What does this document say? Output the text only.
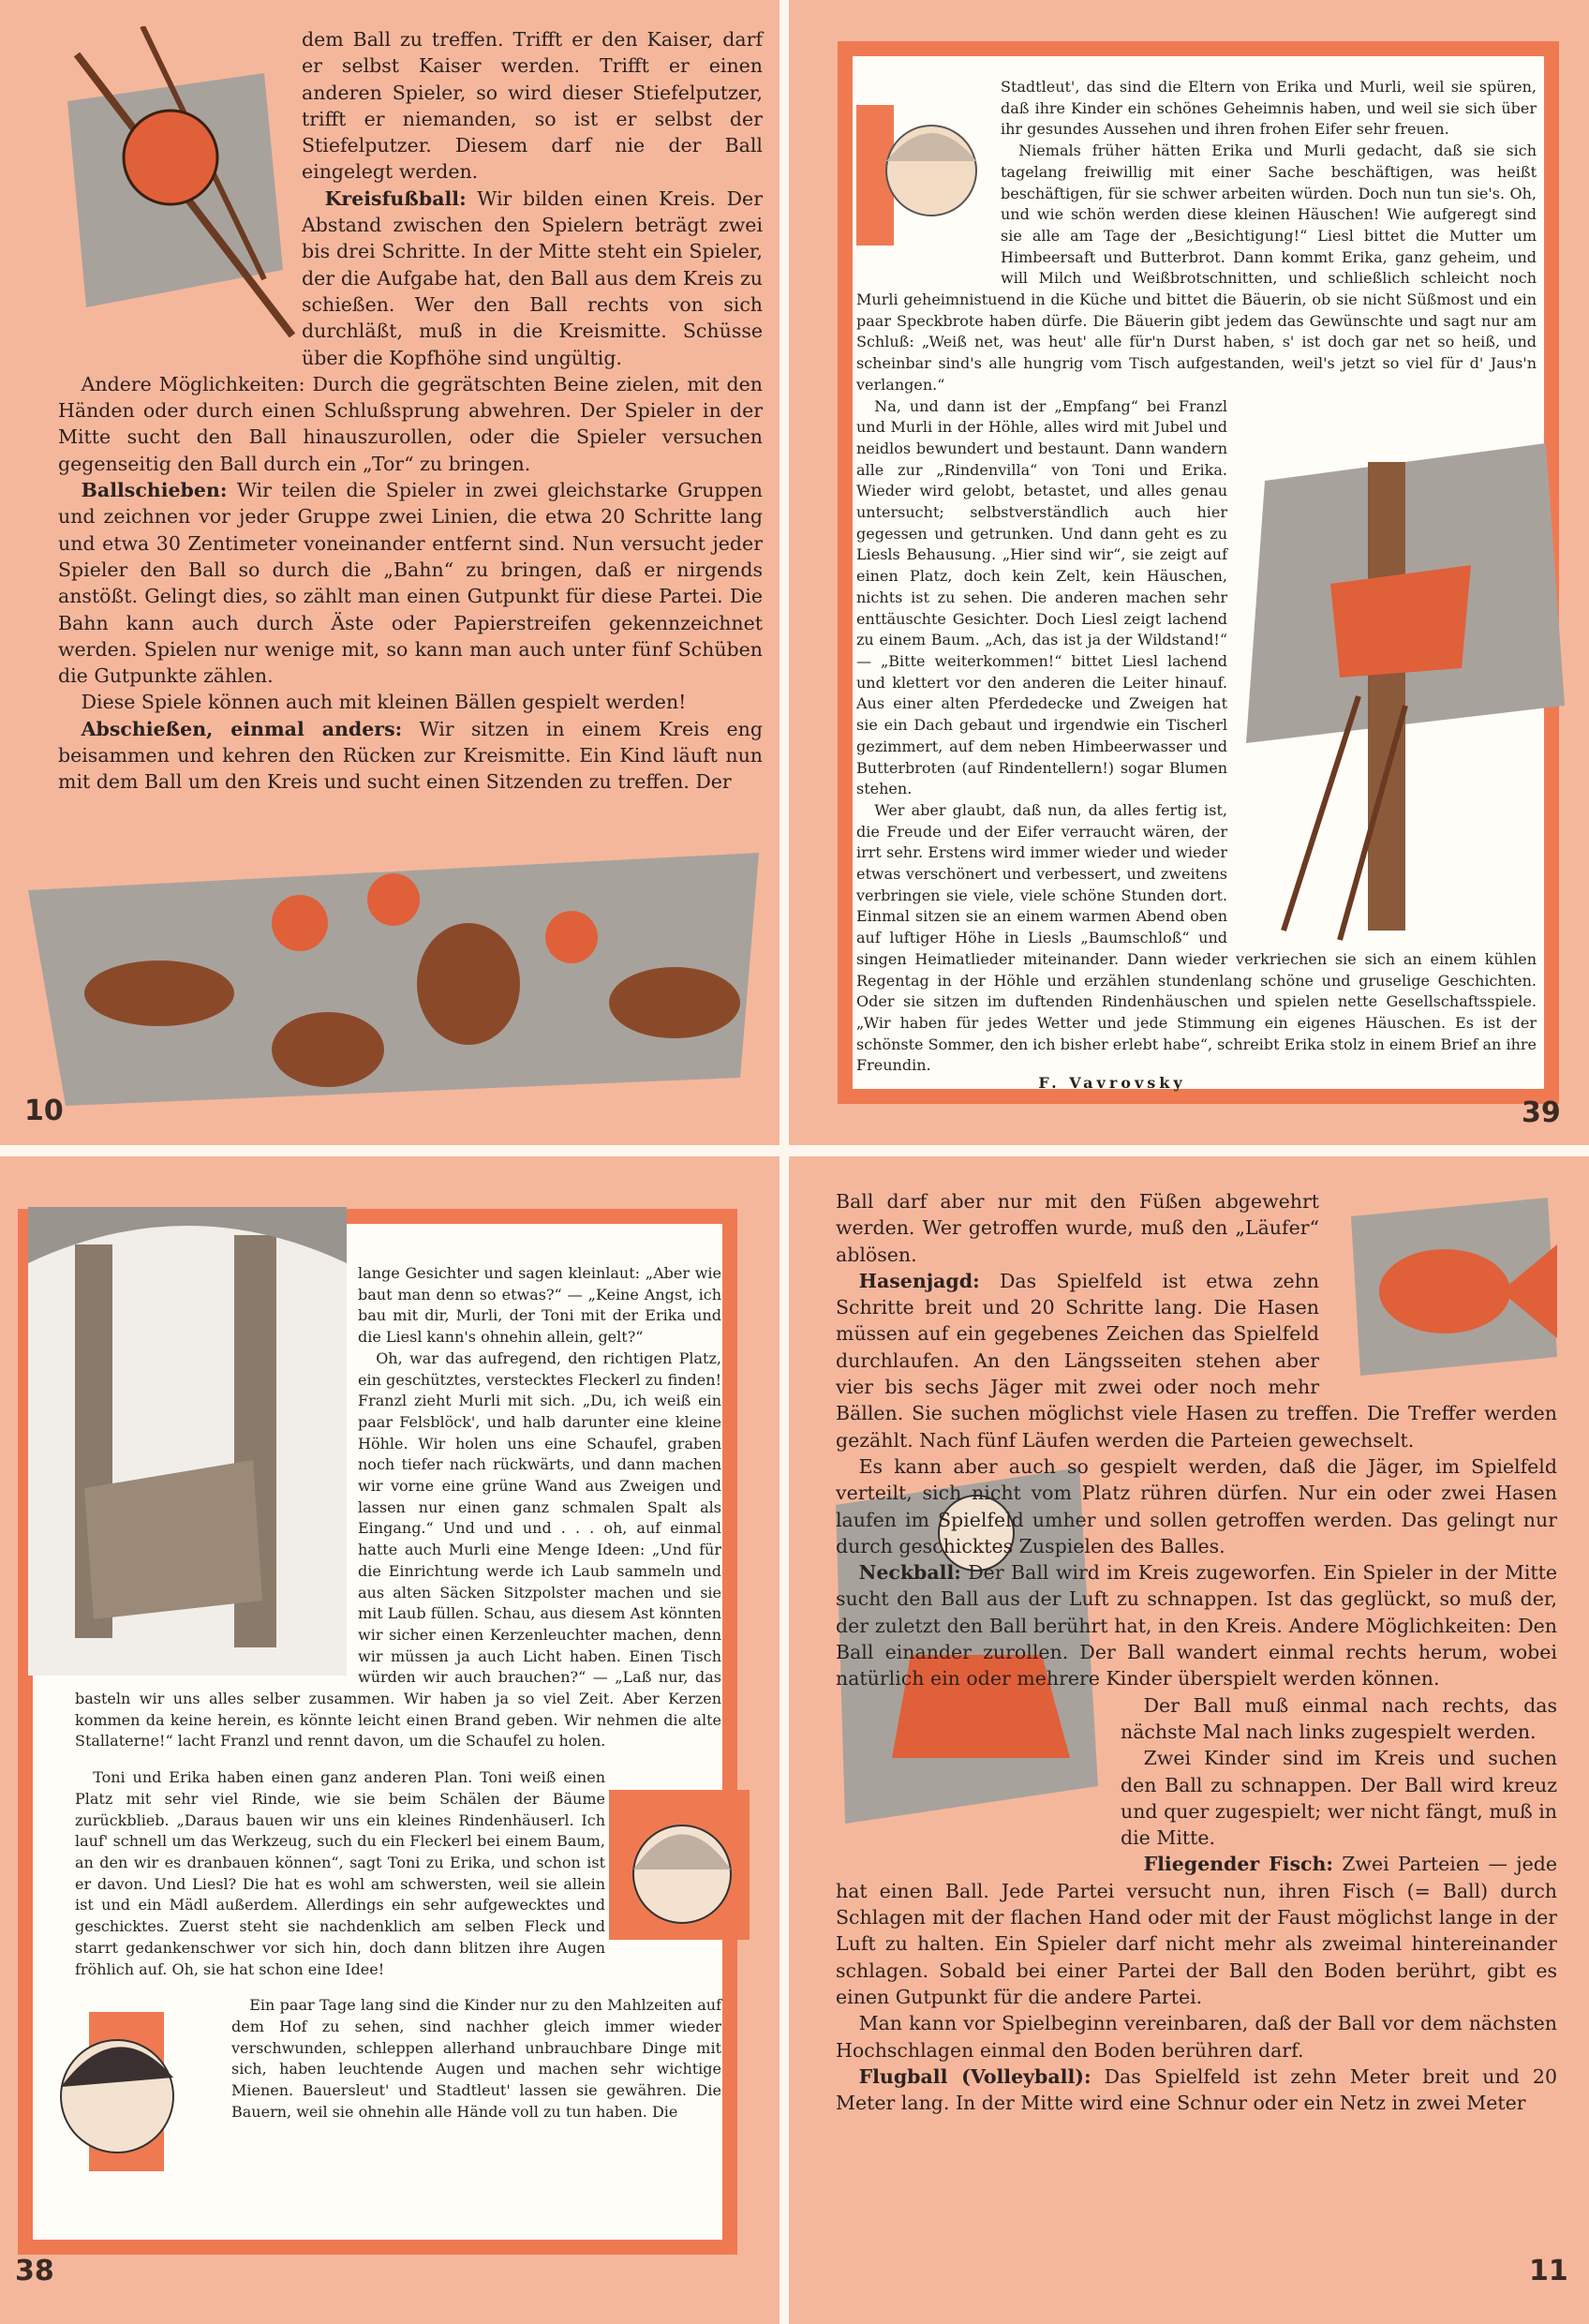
dem Ball zu treffen. Trifft er den Kaiser, darf er selbst Kaiser werden. Trifft er einen anderen Spieler, so wird dieser Stiefelputzer, trifft er niemanden, so ist er selbst der Stiefelputzer. Diesem darf nie der Ball eingelegt werden.

Kreisfußball: Wir bilden einen Kreis. Der Abstand zwischen den Spielern beträgt zwei bis drei Schritte. In der Mitte steht ein Spieler, der die Aufgabe hat, den Ball aus dem Kreis zu schießen. Wer den Ball rechts von sich durchläßt, muß in die Kreismitte. Schüsse über die Kopfhöhe sind ungültig.

Andere Möglichkeiten: Durch die gegrätschten Beine zielen, mit den Händen oder durch einen Schlußsprung abwehren. Der Spieler in der Mitte sucht den Ball hinauszurollen, oder die Spieler versuchen gegenseitig den Ball durch ein „Tor“ zu bringen.

Ballschieben: Wir teilen die Spieler in zwei gleichstarke Gruppen und zeichnen vor jeder Gruppe zwei Linien, die etwa 20 Schritte lang und etwa 30 Zentimeter voneinander entfernt sind. Nun versucht jeder Spieler den Ball so durch die „Bahn“ zu bringen, daß er nirgends anstößt. Gelingt dies, so zählt man einen Gutpunkt für diese Partei. Die Bahn kann auch durch Äste oder Papierstreifen gekennzeichnet werden. Spielen nur wenige mit, so kann man auch unter fünf Schüben die Gutpunkte zählen.

Diese Spiele können auch mit kleinen Bällen gespielt werden!

Abschießen, einmal anders: Wir sitzen in einem Kreis eng beisammen und kehren den Rücken zur Kreismitte. Ein Kind läuft nun mit dem Ball um den Kreis und sucht einen Sitzenden zu treffen. Der

10

Stadtleut', das sind die Eltern von Erika und Murli, weil sie spüren, daß ihre Kinder ein schönes Geheimnis haben, und weil sie sich über ihr gesundes Aussehen und ihren frohen Eifer sehr freuen.

Niemals früher hätten Erika und Murli gedacht, daß sie sich tagelang freiwillig mit einer Sache beschäftigen, was heißt beschäftigen, für sie schwer arbeiten würden. Doch nun tun sie's. Oh, und wie schön werden diese kleinen Häuschen! Wie aufgeregt sind sie alle am Tage der „Besichtigung!“ Liesl bittet die Mutter um Himbeersaft und Butterbrot. Dann kommt Erika, ganz geheim, und will Milch und Weißbrotschnitten, und schließlich schleicht noch Murli geheimnistuend in die Küche und bittet die Bäuerin, ob sie nicht Süßmost und ein paar Speckbrote haben dürfe. Die Bäuerin gibt jedem das Gewünschte und sagt nur am Schluß: „Weiß net, was heut' alle für'n Durst haben, s' ist doch gar net so heiß, und scheinbar sind's alle hungrig vom Tisch aufgestanden, weil's jetzt so viel für d' Jaus'n verlangen.“

Na, und dann ist der „Empfang“ bei Franzl und Murli in der Höhle, alles wird mit Jubel und neidlos bewundert und bestaunt. Dann wandern alle zur „Rindenvilla“ von Toni und Erika. Wieder wird gelobt, betastet, und alles genau untersucht; selbstverständlich auch hier gegessen und getrunken. Und dann geht es zu Liesls Behausung. „Hier sind wir“, sie zeigt auf einen Platz, doch kein Zelt, kein Häuschen, nichts ist zu sehen. Die anderen machen sehr enttäuschte Gesichter. Doch Liesl zeigt lachend zu einem Baum. „Ach, das ist ja der Wildstand!“ — „Bitte weiterkommen!“ bittet Liesl lachend und klettert vor den anderen die Leiter hinauf. Aus einer alten Pferdedecke und Zweigen hat sie ein Dach gebaut und irgendwie ein Tischerl gezimmert, auf dem neben Himbeerwasser und Butterbroten (auf Rindentellern!) sogar Blumen stehen.

Wer aber glaubt, daß nun, da alles fertig ist, die Freude und der Eifer verraucht wären, der irrt sehr. Erstens wird immer wieder und wieder etwas verschönert und verbessert, und zweitens verbringen sie viele, viele schöne Stunden dort. Einmal sitzen sie an einem warmen Abend oben auf luftiger Höhe in Liesls „Baumschloß“ und singen Heimatlieder miteinander. Dann wieder verkriechen sie sich an einem kühlen Regentag in der Höhle und erzählen stundenlang schöne und gruselige Geschichten. Oder sie sitzen im duftenden Rindenhäuschen und spielen nette Gesellschaftsspiele. „Wir haben für jedes Wetter und jede Stimmung ein eigenes Häuschen. Es ist der schönste Sommer, den ich bisher erlebt habe“, schreibt Erika stolz in einem Brief an ihre Freundin.

F. Vavrovsky
39

lange Gesichter und sagen kleinlaut: „Aber wie baut man denn so etwas?“ — „Keine Angst, ich bau mit dir, Murli, der Toni mit der Erika und die Liesl kann's ohnehin allein, gelt?“

Oh, war das aufregend, den richtigen Platz, ein geschütztes, verstecktes Fleckerl zu finden! Franzl zieht Murli mit sich. „Du, ich weiß ein paar Felsblöck', und halb darunter eine kleine Höhle. Wir holen uns eine Schaufel, graben noch tiefer nach rückwärts, und dann machen wir vorne eine grüne Wand aus Zweigen und lassen nur einen ganz schmalen Spalt als Eingang.“ Und und und . . . oh, auf einmal hatte auch Murli eine Menge Ideen: „Und für die Einrichtung werde ich Laub sammeln und aus alten Säcken Sitzpolster machen und sie mit Laub füllen. Schau, aus diesem Ast könnten wir sicher einen Kerzenleuchter machen, denn wir müssen ja auch Licht haben. Einen Tisch würden wir auch brauchen?“ — „Laß nur, das basteln wir uns alles selber zusammen. Wir haben ja so viel Zeit. Aber Kerzen kommen da keine herein, es könnte leicht einen Brand geben. Wir nehmen die alte Stallaterne!“ lacht Franzl und rennt davon, um die Schaufel zu holen.

Toni und Erika haben einen ganz anderen Plan. Toni weiß einen Platz mit sehr viel Rinde, wie sie beim Schälen der Bäume zurückblieb. „Daraus bauen wir uns ein kleines Rindenhäuserl. Ich lauf' schnell um das Werkzeug, such du ein Fleckerl bei einem Baum, an den wir es dranbauen können“, sagt Toni zu Erika, und schon ist er davon. Und Liesl? Die hat es wohl am schwersten, weil sie allein ist und ein Mädl außerdem. Allerdings ein sehr aufgewecktes und geschicktes. Zuerst steht sie nachdenklich am selben Fleck und starrt gedankenschwer vor sich hin, doch dann blitzen ihre Augen fröhlich auf. Oh, sie hat schon eine Idee!

Ein paar Tage lang sind die Kinder nur zu den Mahlzeiten auf dem Hof zu sehen, sind nachher gleich immer wieder verschwunden, schleppen allerhand unbrauchbare Dinge mit sich, haben leuchtende Augen und machen sehr wichtige Mienen. Bauersleut' und Stadtleut' lassen sie gewähren. Die Bauern, weil sie ohnehin alle Hände voll zu tun haben. Die

38

Ball darf aber nur mit den Füßen abgewehrt werden. Wer getroffen wurde, muß den „Läufer“ ablösen.

Hasenjagd: Das Spielfeld ist etwa zehn Schritte breit und 20 Schritte lang. Die Hasen müssen auf ein gegebenes Zeichen das Spielfeld durchlaufen. An den Längsseiten stehen aber vier bis sechs Jäger mit zwei oder noch mehr Bällen. Sie suchen möglichst viele Hasen zu treffen. Die Treffer werden gezählt. Nach fünf Läufen werden die Parteien gewechselt.

Es kann aber auch so gespielt werden, daß die Jäger, im Spielfeld verteilt, sich nicht vom Platz rühren dürfen. Nur ein oder zwei Hasen laufen im Spielfeld umher und sollen getroffen werden. Das gelingt nur durch geschicktes Zuspielen des Balles.

Neckball: Der Ball wird im Kreis zugeworfen. Ein Spieler in der Mitte sucht den Ball aus der Luft zu schnappen. Ist das geglückt, so muß der, der zuletzt den Ball berührt hat, in den Kreis. Andere Möglichkeiten: Den Ball einander zurollen. Der Ball wandert einmal rechts herum, wobei natürlich ein oder mehrere Kinder überspielt werden können.

Der Ball muß einmal nach rechts, das nächste Mal nach links zugespielt werden.

Zwei Kinder sind im Kreis und suchen den Ball zu schnappen. Der Ball wird kreuz und quer zugespielt; wer nicht fängt, muß in die Mitte.

Fliegender Fisch: Zwei Parteien — jede hat einen Ball. Jede Partei versucht nun, ihren Fisch (= Ball) durch Schlagen mit der flachen Hand oder mit der Faust möglichst lange in der Luft zu halten. Ein Spieler darf nicht mehr als zweimal hintereinander schlagen. Sobald bei einer Partei der Ball den Boden berührt, gibt es einen Gutpunkt für die andere Partei.

Man kann vor Spielbeginn vereinbaren, daß der Ball vor dem nächsten Hochschlagen einmal den Boden berühren darf.

Flugball (Volleyball): Das Spielfeld ist zehn Meter breit und 20 Meter lang. In der Mitte wird eine Schnur oder ein Netz in zwei Meter

11
